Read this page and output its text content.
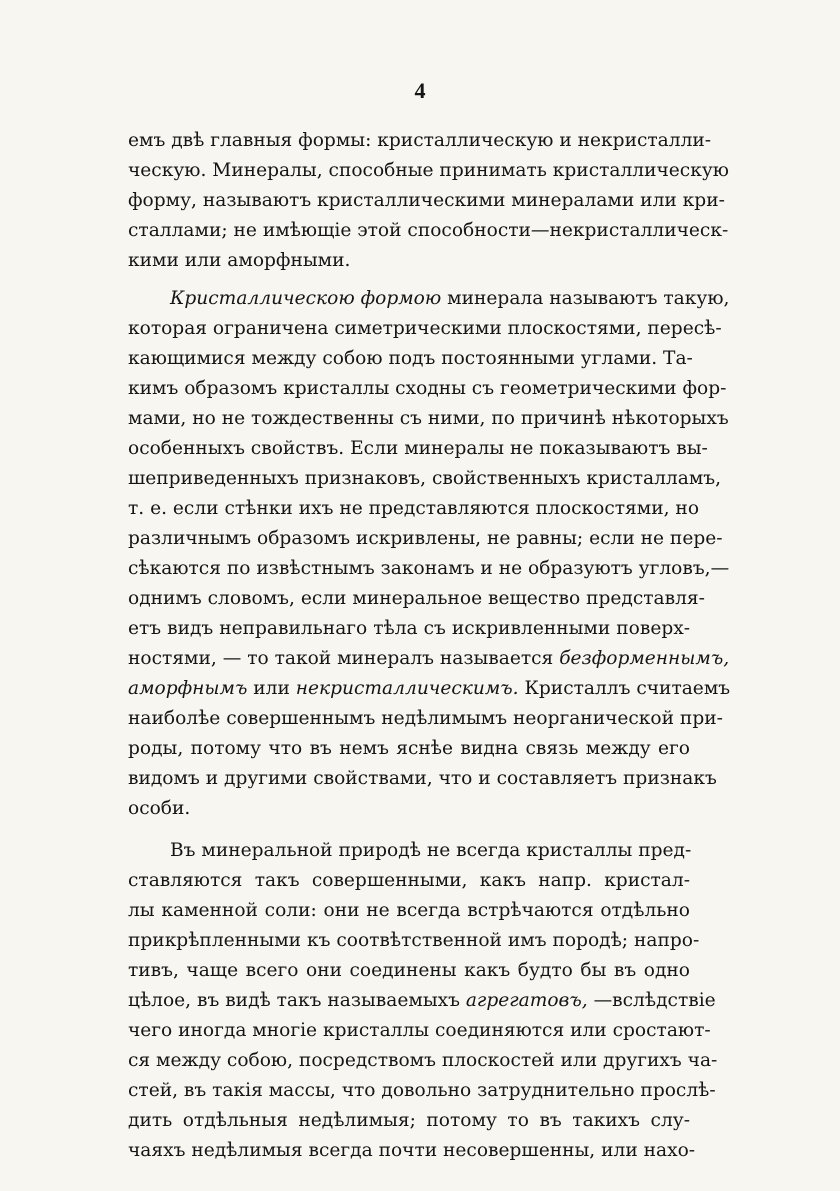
4
емъ двѣ главныя формы: кристаллическую и некристалли-
ческую. Минералы, способные принимать кристаллическую
форму, называютъ кристаллическими минералами или кри-
сталлами; не имѣющіе этой способности—некристаллическ-
кими или аморфными.
Кристаллическою формою минерала называютъ такую,
которая ограничена симетрическими плоскостями, пересѣ-
кающимися между собою подъ постоянными углами. Та-
кимъ образомъ кристаллы сходны съ геометрическими фор-
мами, но не тождественны съ ними, по причинѣ нѣкоторыхъ
особенныхъ свойствъ. Если минералы не показываютъ вы-
шеприведенныхъ признаковъ, свойственныхъ кристалламъ,
т. е. если стѣнки ихъ не представляются плоскостями, но
различнымъ образомъ искривлены, не равны; если не пере-
сѣкаются по извѣстнымъ законамъ и не образуютъ угловъ,—
однимъ словомъ, если минеральное вещество представля-
етъ видъ неправильнаго тѣла съ искривленными поверх-
ностями, — то такой минералъ называется безформеннымъ,
аморфнымъ или некристаллическимъ. Кристаллъ считаемъ
наиболѣе совершеннымъ недѣлимымъ неорганической при-
роды, потому что въ немъ яснѣе видна связь между его
видомъ и другими свойствами, что и составляетъ признакъ
особи.
Въ минеральной природѣ не всегда кристаллы пред-
ставляются такъ совершенными, какъ напр. кристал-
лы каменной соли: они не всегда встрѣчаются отдѣльно
прикрѣпленными къ соотвѣтственной имъ породѣ; напро-
тивъ, чаще всего они соединены какъ будто бы въ одно
цѣлое, въ видѣ такъ называемыхъ агрегатовъ, —вслѣдствіе
чего иногда многіе кристаллы соединяются или сростают-
ся между собою, посредствомъ плоскостей или другихъ ча-
стей, въ такія массы, что довольно затруднительно прослѣ-
дить отдѣльныя недѣлимыя; потому то въ такихъ слу-
чаяхъ недѣлимыя всегда почти несовершенны, или нахо-
